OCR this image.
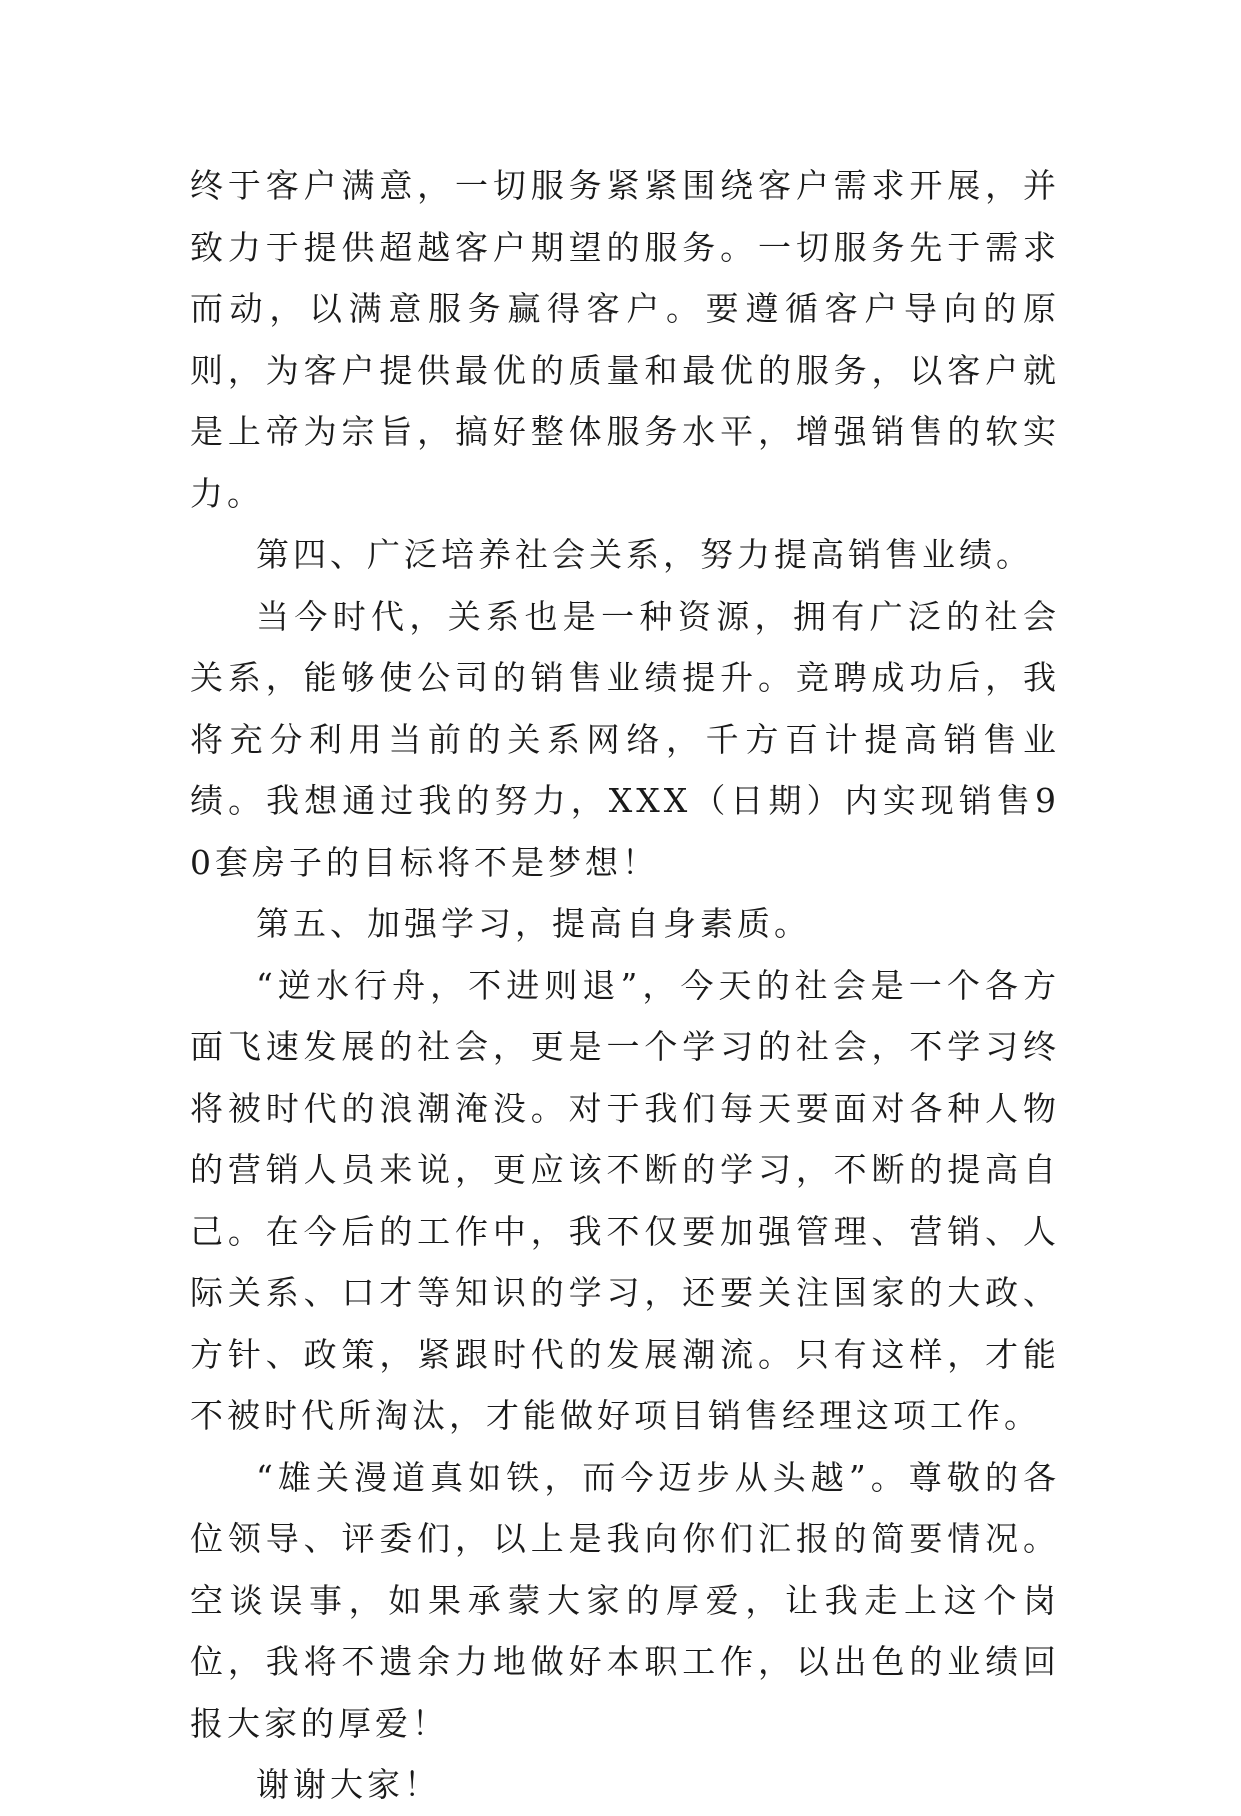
终于客户满意，一切服务紧紧围绕客户需求开展，并致力于提供超越客户期望的服务。一切服务先于需求而动，以满意服务赢得客户。要遵循客户导向的原则，为客户提供最优的质量和最优的服务，以客户就是上帝为宗旨，搞好整体服务水平，增强销售的软实力。

第四、广泛培养社会关系，努力提高销售业绩。

当今时代，关系也是一种资源，拥有广泛的社会关系，能够使公司的销售业绩提升。竞聘成功后，我将充分利用当前的关系网络，千方百计提高销售业绩。我想通过我的努力，XXX（日期）内实现销售90套房子的目标将不是梦想！

第五、加强学习，提高自身素质。

“逆水行舟，不进则退”，今天的社会是一个各方面飞速发展的社会，更是一个学习的社会，不学习终将被时代的浪潮淹没。对于我们每天要面对各种人物的营销人员来说，更应该不断的学习，不断的提高自己。在今后的工作中，我不仅要加强管理、营销、人际关系、口才等知识的学习，还要关注国家的大政、方针、政策，紧跟时代的发展潮流。只有这样，才能不被时代所淘汰，才能做好项目销售经理这项工作。

“雄关漫道真如铁，而今迈步从头越”。尊敬的各位领导、评委们，以上是我向你们汇报的简要情况。空谈误事，如果承蒙大家的厚爱，让我走上这个岗位，我将不遗余力地做好本职工作，以出色的业绩回报大家的厚爱！

谢谢大家！
